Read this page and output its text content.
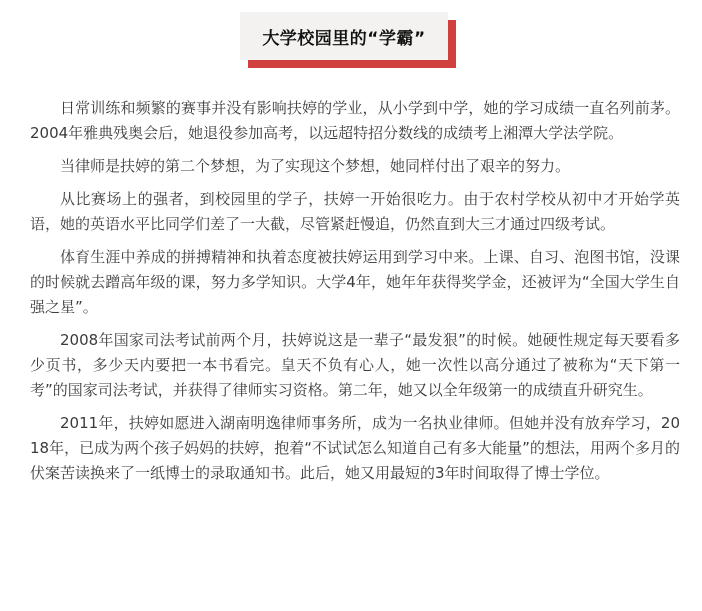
大学校园里的“学霸”

日常训练和频繁的赛事并没有影响扶婷的学业，从小学到中学，她的学习成绩一直名列前茅。2004年雅典残奥会后，她退役参加高考，以远超特招分数线的成绩考上湘潭大学法学院。

当律师是扶婷的第二个梦想，为了实现这个梦想，她同样付出了艰辛的努力。

从比赛场上的强者，到校园里的学子，扶婷一开始很吃力。由于农村学校从初中才开始学英语，她的英语水平比同学们差了一大截，尽管紧赶慢追，仍然直到大三才通过四级考试。

体育生涯中养成的拼搏精神和执着态度被扶婷运用到学习中来。上课、自习、泡图书馆，没课的时候就去蹭高年级的课，努力多学知识。大学4年，她年年获得奖学金，还被评为“全国大学生自强之星”。

2008年国家司法考试前两个月，扶婷说这是一辈子“最发狠”的时候。她硬性规定每天要看多少页书，多少天内要把一本书看完。皇天不负有心人，她一次性以高分通过了被称为“天下第一考”的国家司法考试，并获得了律师实习资格。第二年，她又以全年级第一的成绩直升研究生。

2011年，扶婷如愿进入湖南明逸律师事务所，成为一名执业律师。但她并没有放弃学习，2018年，已成为两个孩子妈妈的扶婷，抱着“不试试怎么知道自己有多大能量”的想法，用两个多月的伏案苦读换来了一纸博士的录取通知书。此后，她又用最短的3年时间取得了博士学位。
